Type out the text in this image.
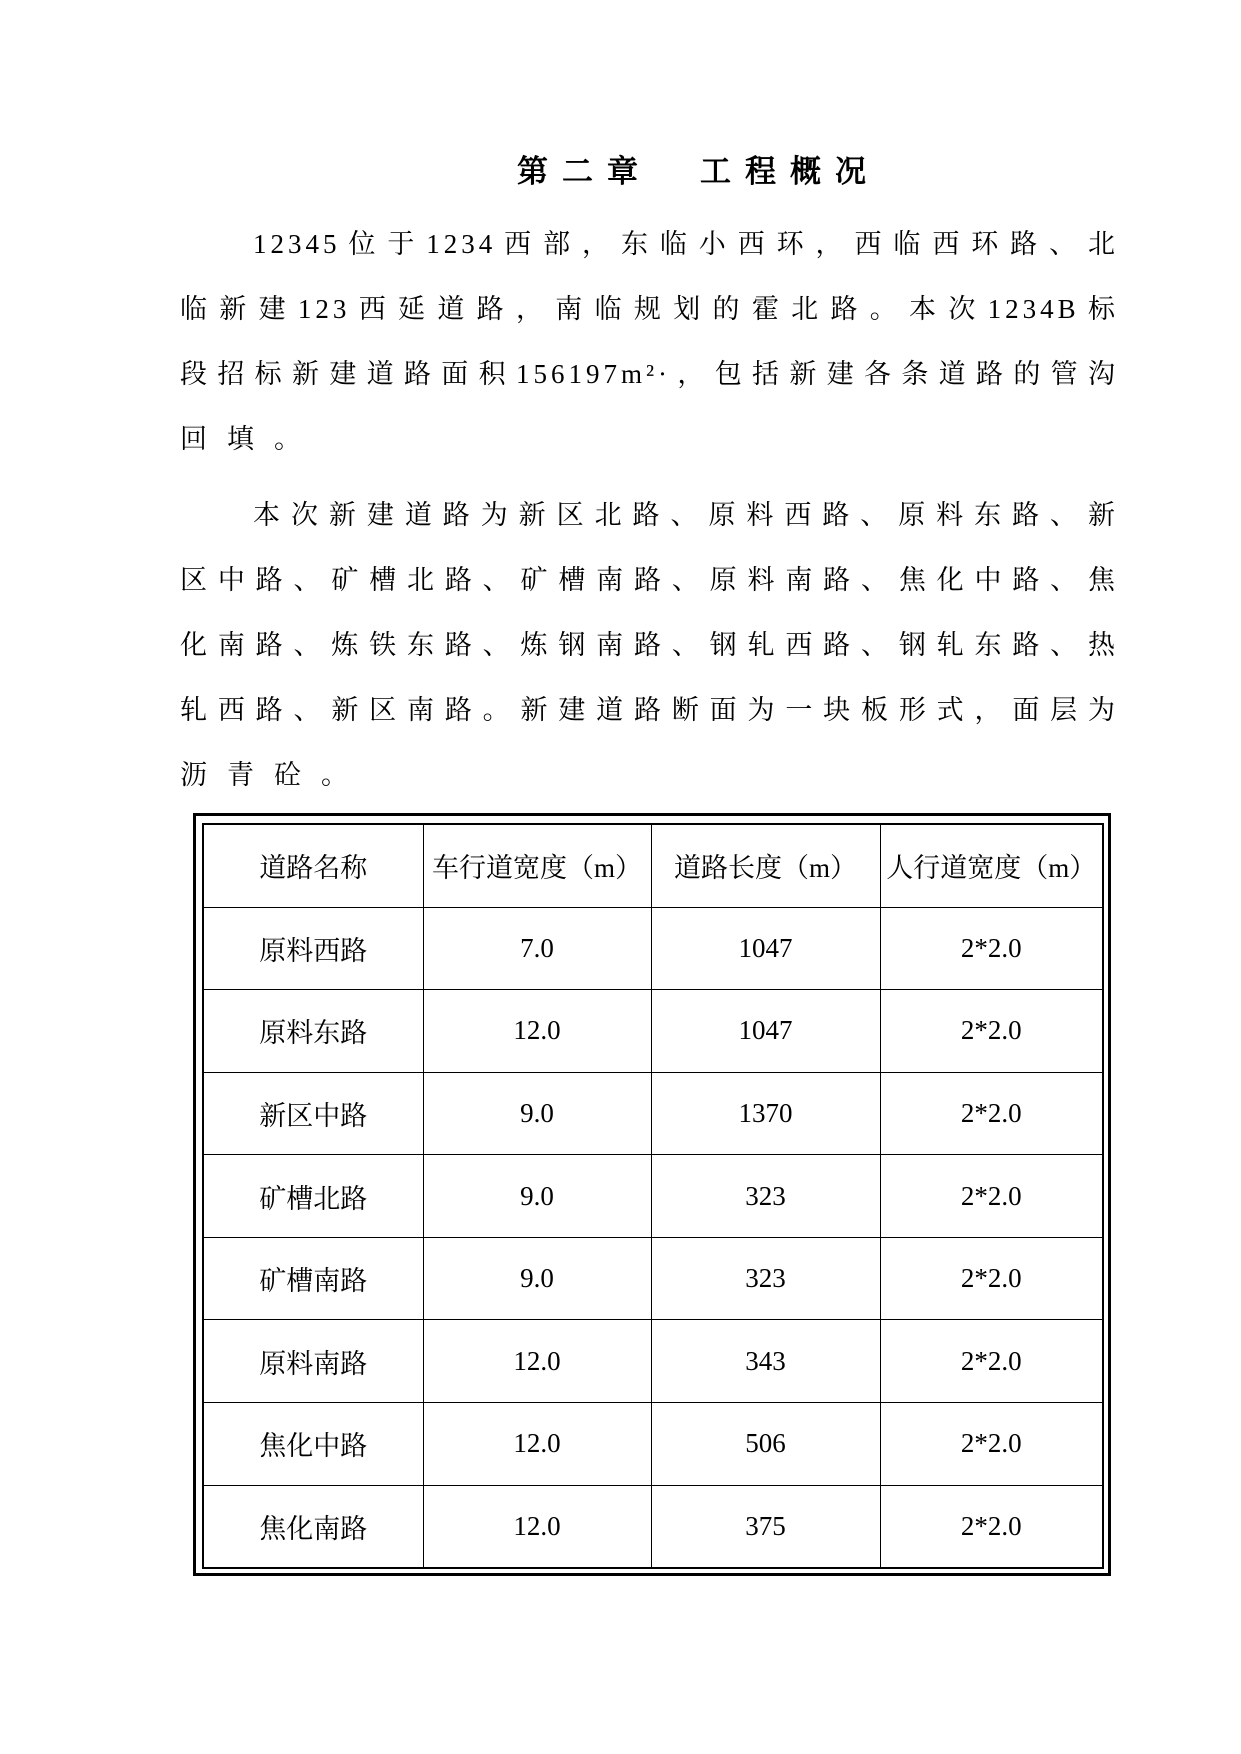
第二章 工程概况
12345位于1234西部，东临小西环，西临西环路、北
临新建123西延道路，南临规划的霍北路。本次1234B标
段招标新建道路面积156197m²·，包括新建各条道路的管沟
回填。
本次新建道路为新区北路、原料西路、原料东路、新
区中路、矿槽北路、矿槽南路、原料南路、焦化中路、焦
化南路、炼铁东路、炼钢南路、钢轧西路、钢轧东路、热
轧西路、新区南路。新建道路断面为一块板形式，面层为
沥青砼。
道路名称	车行道宽度（m）	道路长度（m）	人行道宽度（m）
原料西路	7.0	1047	2*2.0
原料东路	12.0	1047	2*2.0
新区中路	9.0	1370	2*2.0
矿槽北路	9.0	323	2*2.0
矿槽南路	9.0	323	2*2.0
原料南路	12.0	343	2*2.0
焦化中路	12.0	506	2*2.0
焦化南路	12.0	375	2*2.0
